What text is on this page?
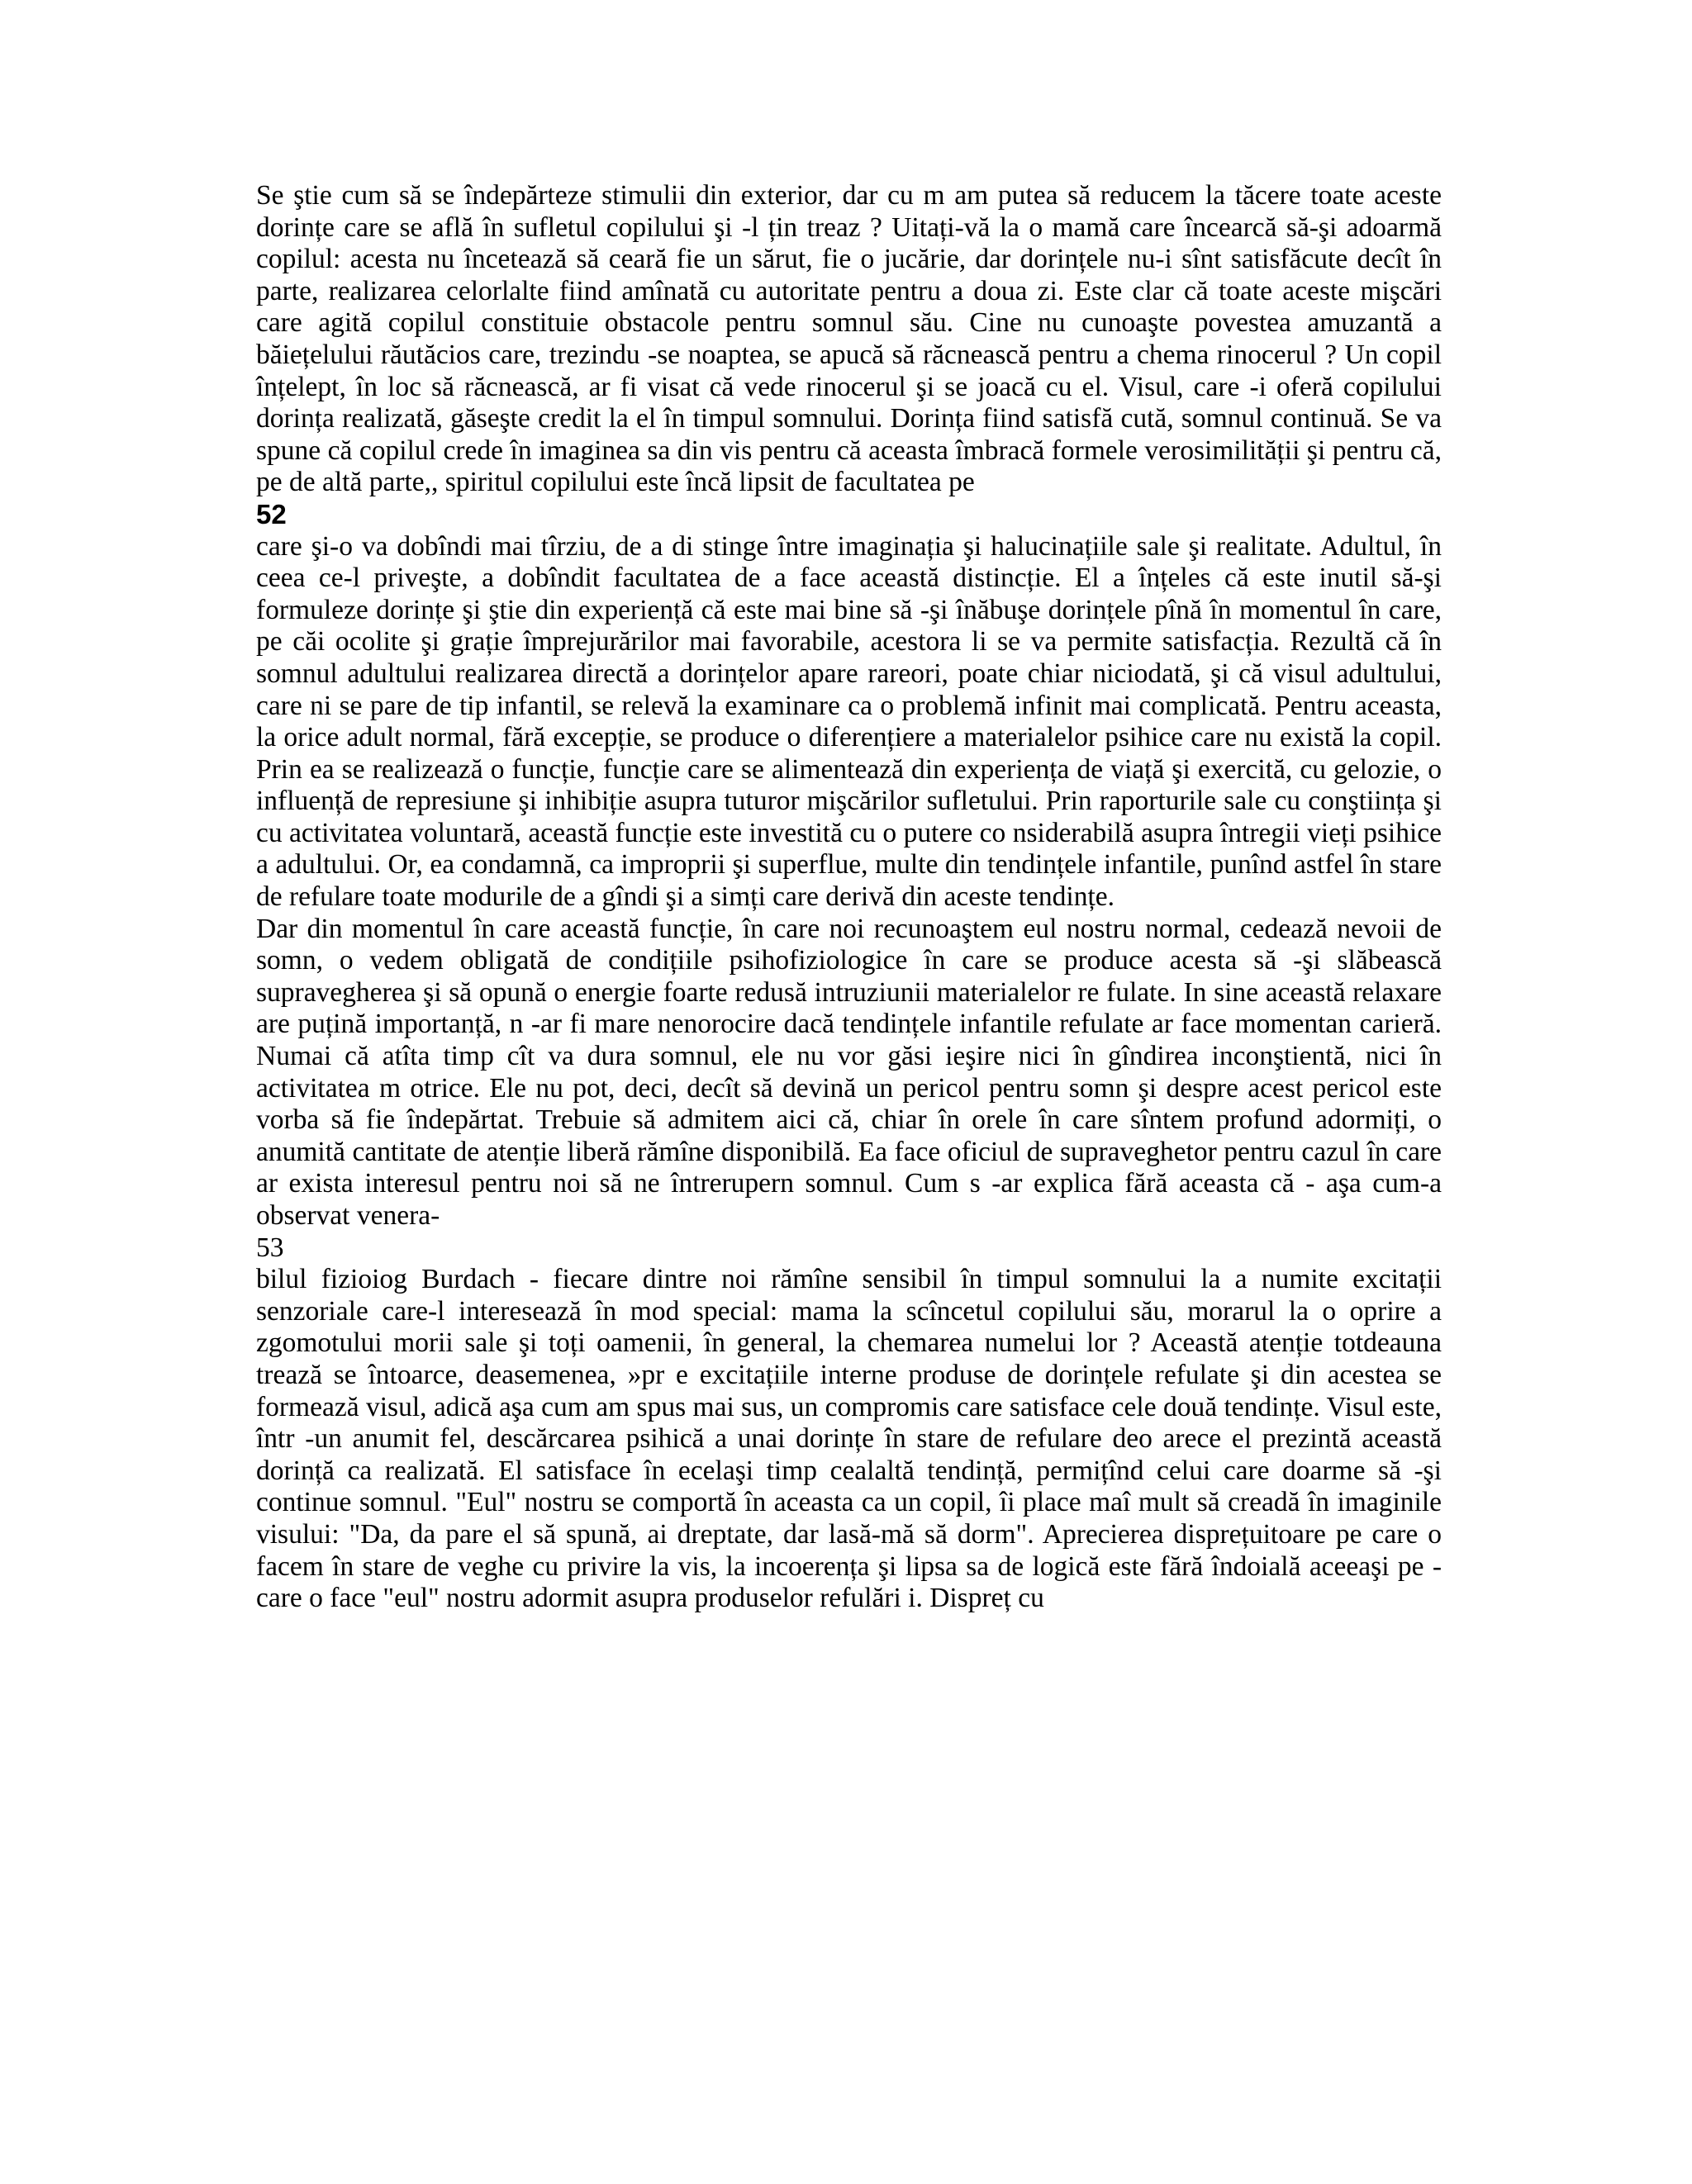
Se ştie cum să se îndepărteze stimulii din exterior, dar cu m am putea să reducem la tăcere toate aceste dorințe care se află în sufletul copilului şi -l țin treaz ? Uitați-vă la o mamă care încearcă să-şi adoarmă copilul: acesta nu încetează să ceară fie un sărut, fie o jucărie, dar dorințele nu-i sînt satisfăcute decît în parte, realizarea celorlalte fiind amînată cu autoritate pentru a doua zi. Este clar că toate aceste mişcări care agită copilul constituie obstacole pentru somnul său. Cine nu cunoaşte povestea amuzantă a băiețelului răutăcios care, trezindu -se noaptea, se apucă să răcnească pentru a chema rinocerul ? Un copil înțelept, în loc să răcnească, ar fi visat că vede rinocerul şi se joacă cu el. Visul, care -i oferă copilului dorința realizată, găseşte credit la el în timpul somnului. Dorința fiind satisfă cută, somnul continuă. Se va spune că copilul crede în imaginea sa din vis pentru că aceasta îmbracă formele verosimilității şi pentru că, pe de altă parte,, spiritul copilului este încă lipsit de facultatea pe

52

care şi-o va dobîndi mai tîrziu, de a di stinge între imaginația şi halucinațiile sale şi realitate. Adultul, în ceea ce-l priveşte, a dobîndit facultatea de a face această distincție. El a înțeles că este inutil să-şi formuleze dorințe şi ştie din experiență că este mai bine să -şi înăbuşe dorințele pînă în momentul în care, pe căi ocolite şi grație împrejurărilor mai favorabile, acestora li se va permite satisfacția. Rezultă că în somnul adultului realizarea directă a dorințelor apare rareori, poate chiar niciodată, şi că visul adultului, care ni se pare de tip infantil, se relevă la examinare ca o problemă infinit mai complicată. Pentru aceasta, la orice adult normal, fără excepție, se produce o diferențiere a materialelor psihice care nu există la copil. Prin ea se realizează o funcție, funcție care se alimentează din experiența de viață şi exercită, cu gelozie, o influență de represiune şi inhibiție asupra tuturor mişcărilor sufletului. Prin raporturile sale cu conştiința şi cu activitatea voluntară, această funcție este investită cu o putere co nsiderabilă asupra întregii vieți psihice a adultului. Or, ea condamnă, ca improprii şi superflue, multe din tendințele infantile, punînd astfel în stare de refulare toate modurile de a gîndi şi a simți care derivă din aceste tendințe.

Dar din momentul în care această funcție, în care noi recunoaştem eul nostru normal, cedează nevoii de somn, o vedem obligată de condițiile psihofiziologice în care se produce acesta să -şi slăbească supravegherea şi să opună o energie foarte redusă intruziunii materialelor re fulate. In sine această relaxare are puțină importanță, n -ar fi mare nenorocire dacă tendințele infantile refulate ar face momentan carieră. Numai că atîta timp cît va dura somnul, ele nu vor găsi ieşire nici în gîndirea inconştientă, nici în activitatea m otrice. Ele nu pot, deci, decît să devină un pericol pentru somn şi despre acest pericol este vorba să fie îndepărtat. Trebuie să admitem aici că, chiar în orele în care sîntem profund adormiți, o anumită cantitate de atenție liberă rămîne disponibilă. Ea face oficiul de supraveghetor pentru cazul în care ar exista interesul pentru noi să ne întrerupern somnul. Cum s -ar explica fără aceasta că - aşa cum-a observat venera-

53

bilul fizioiog Burdach - fiecare dintre noi rămîne sensibil în timpul somnului la a numite excitații senzoriale care-l interesează în mod special: mama la scîncetul copilului său, morarul la o oprire a zgomotului morii sale şi toți oamenii, în general, la chemarea numelui lor ? Această atenție totdeauna trează se întoarce, deasemenea, »pr e excitațiile interne produse de dorințele refulate şi din acestea se formează visul, adică aşa cum am spus mai sus, un compromis care satisface cele două tendințe. Visul este, într -un anumit fel, descărcarea psihică a unai dorințe în stare de refulare deo arece el prezintă această dorință ca realizată. El satisface în ecelaşi timp cealaltă tendință, permițînd celui care doarme să -şi continue somnul. "Eul" nostru se comportă în aceasta ca un copil, îi place maî mult să creadă în imaginile visului: "Da, da pare el să spună, ai dreptate, dar lasă-mă să dorm". Aprecierea disprețuitoare pe care o facem în stare de veghe cu privire la vis, la incoerența şi lipsa sa de logică este fără îndoială aceeaşi pe -care o face "eul" nostru adormit asupra produselor refulări i. Dispreț cu
